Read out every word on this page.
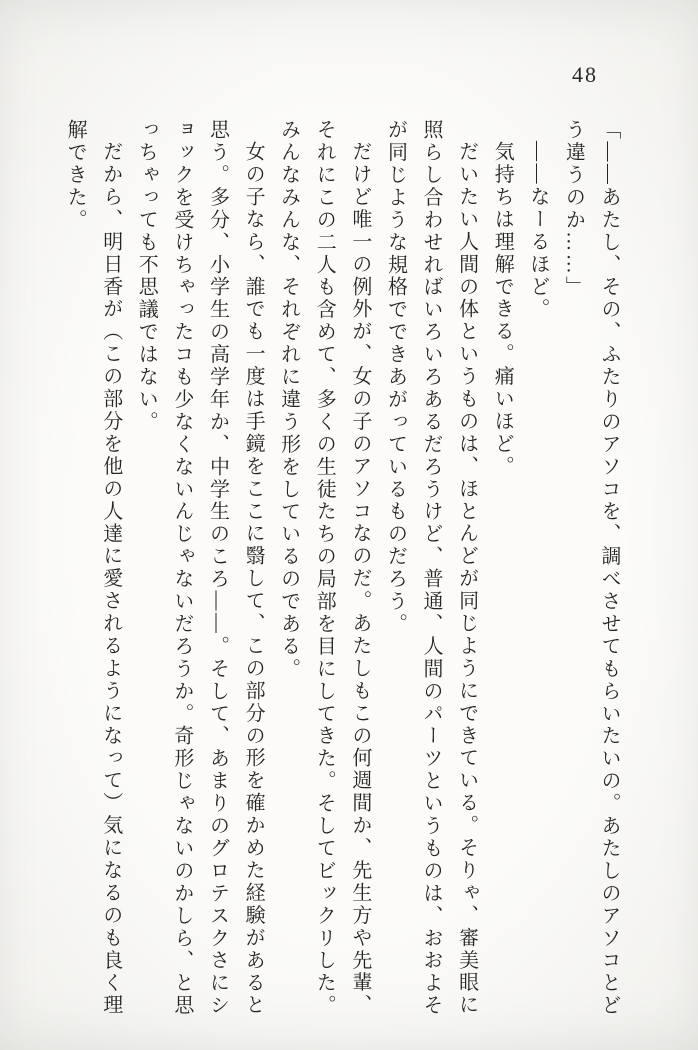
48

「——あたし、その、ふたりのアソコを、調べさせてもらいたいの。あたしのアソコとど

う違うのか……」

——なーるほど。

気持ちは理解できる。痛いほど。

だいたい人間の体というものは、ほとんどが同じようにできている。そりゃ、審美眼に

照らし合わせればいろいろあるだろうけど、普通、人間のパーツというものは、おおよそ

が同じような規格でできあがっているものだろう。

だけど唯一の例外が、女の子のアソコなのだ。あたしもこの何週間か、先生方や先輩、

それにこの二人も含めて、多くの生徒たちの局部を目にしてきた。そしてビックリした。

みんなみんな、それぞれに違う形をしているのである。

女の子なら、誰でも一度は手鏡をここに翳して、この部分の形を確かめた経験があると

思う。多分、小学生の高学年か、中学生のころ——。そして、あまりのグロテスクさにシ

ョックを受けちゃったコも少なくないんじゃないだろうか。奇形じゃないのかしら、と思

っちゃっても不思議ではない。

だから、明日香が（この部分を他の人達に愛されるようになって）気になるのも良く理

解できた。
